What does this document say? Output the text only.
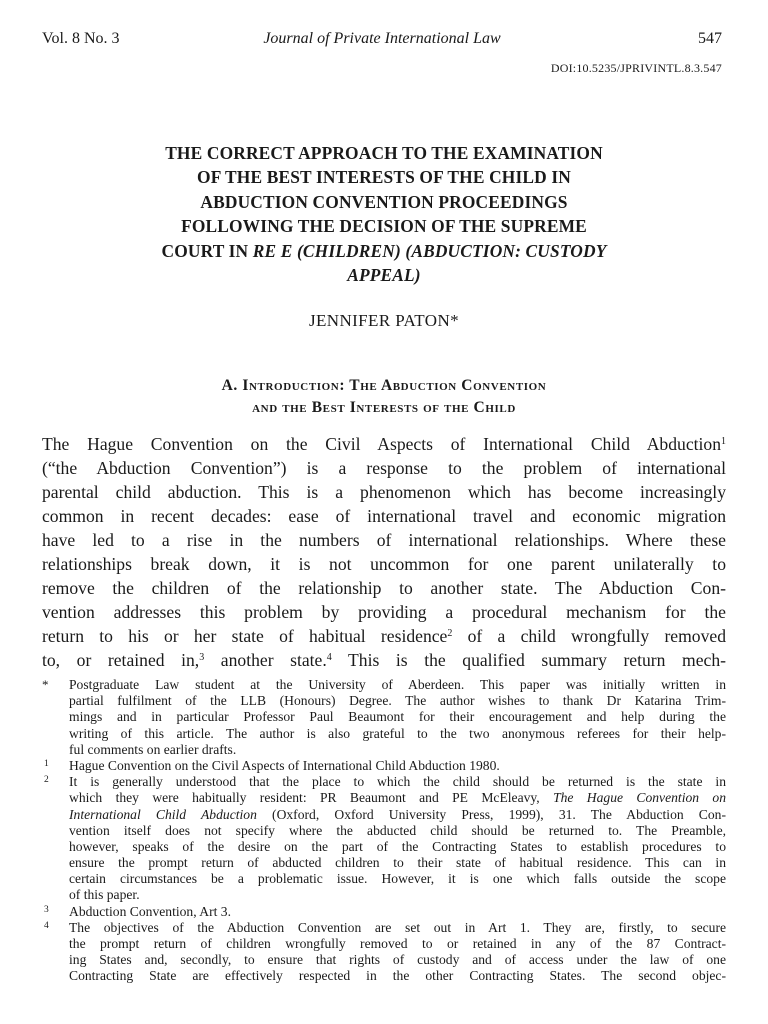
Vol. 8 No. 3	Journal of Private International Law	547
DOI:10.5235/JPRIVINTL.8.3.547
THE CORRECT APPROACH TO THE EXAMINATION
OF THE BEST INTERESTS OF THE CHILD IN
ABDUCTION CONVENTION PROCEEDINGS
FOLLOWING THE DECISION OF THE SUPREME
COURT IN RE E (CHILDREN) (ABDUCTION: CUSTODY
APPEAL)
JENNIFER PATON*
A. Introduction: The Abduction Convention
and the Best Interests of the Child
The Hague Convention on the Civil Aspects of International Child Abduction$^1$
(“the Abduction Convention”) is a response to the problem of international
parental child abduction. This is a phenomenon which has become increasingly
common in recent decades: ease of international travel and economic migration
have led to a rise in the numbers of international relationships. Where these
relationships break down, it is not uncommon for one parent unilaterally to
remove the children of the relationship to another state. The Abduction Con-
vention addresses this problem by providing a procedural mechanism for the
return to his or her state of habitual residence$^2$ of a child wrongfully removed
to, or retained in,$^3$ another state.$^4$ This is the qualified summary return mech-
* Postgraduate Law student at the University of Aberdeen. This paper was initially written in
partial fulfilment of the LLB (Honours) Degree. The author wishes to thank Dr Katarina Trim-
mings and in particular Professor Paul Beaumont for their encouragement and help during the
writing of this article. The author is also grateful to the two anonymous referees for their help-
ful comments on earlier drafts.
1 Hague Convention on the Civil Aspects of International Child Abduction 1980.
2 It is generally understood that the place to which the child should be returned is the state in
which they were habitually resident: PR Beaumont and PE McEleavy, The Hague Convention on
International Child Abduction (Oxford, Oxford University Press, 1999), 31. The Abduction Con-
vention itself does not specify where the abducted child should be returned to. The Preamble,
however, speaks of the desire on the part of the Contracting States to establish procedures to
ensure the prompt return of abducted children to their state of habitual residence. This can in
certain circumstances be a problematic issue. However, it is one which falls outside the scope
of this paper.
3 Abduction Convention, Art 3.
4 The objectives of the Abduction Convention are set out in Art 1. They are, firstly, to secure
the prompt return of children wrongfully removed to or retained in any of the 87 Contract-
ing States and, secondly, to ensure that rights of custody and of access under the law of one
Contracting State are effectively respected in the other Contracting States. The second objec-
